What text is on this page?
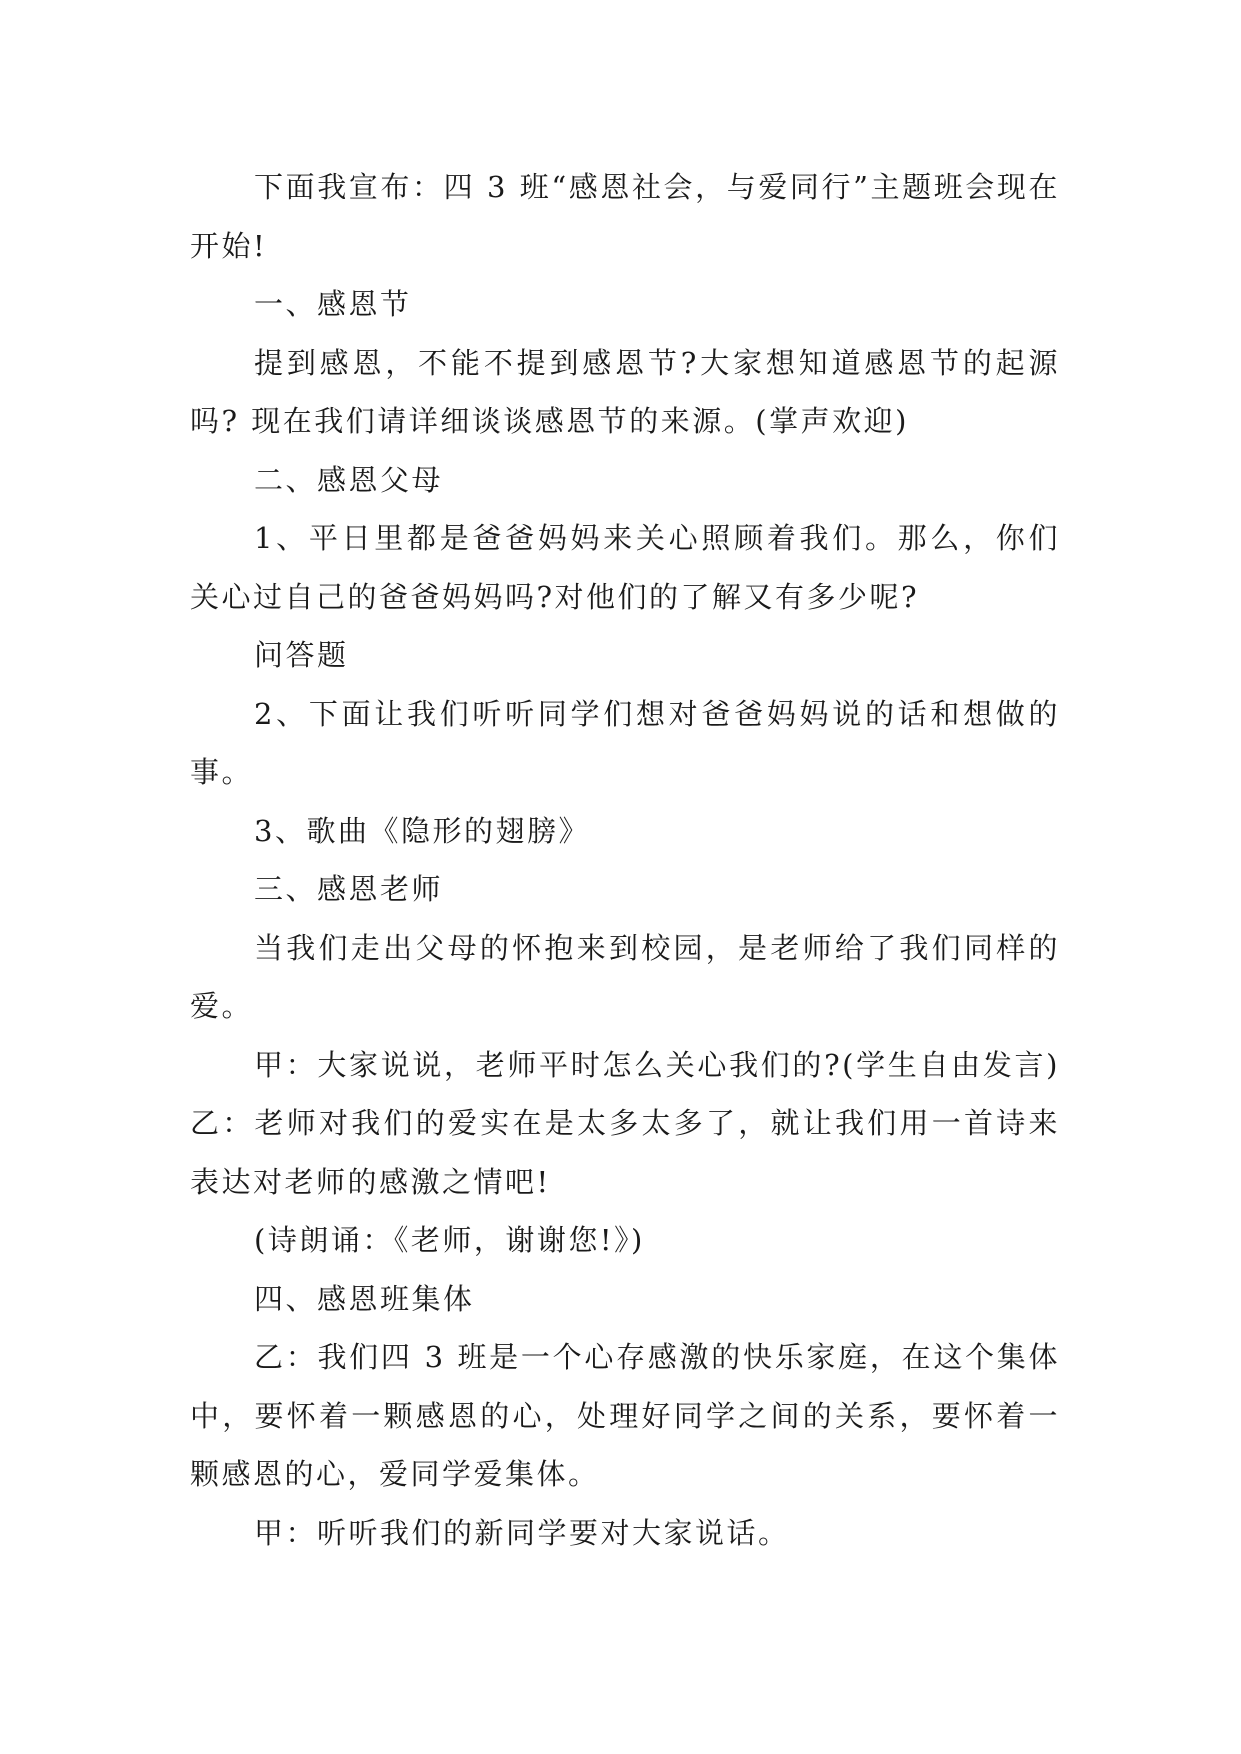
下面我宣布：四 3 班“感恩社会，与爱同行”主题班会现在开始!

一、感恩节

提到感恩，不能不提到感恩节?大家想知道感恩节的起源吗? 现在我们请详细谈谈感恩节的来源。(掌声欢迎)

二、感恩父母

1、平日里都是爸爸妈妈来关心照顾着我们。那么，你们关心过自己的爸爸妈妈吗?对他们的了解又有多少呢?

问答题

2、下面让我们听听同学们想对爸爸妈妈说的话和想做的事。

3、歌曲《隐形的翅膀》

三、感恩老师

当我们走出父母的怀抱来到校园，是老师给了我们同样的爱。

甲：大家说说，老师平时怎么关心我们的?(学生自由发言) 乙：老师对我们的爱实在是太多太多了，就让我们用一首诗来表达对老师的感激之情吧!

(诗朗诵：《老师，谢谢您!》)

四、感恩班集体

乙：我们四 3 班是一个心存感激的快乐家庭，在这个集体中，要怀着一颗感恩的心，处理好同学之间的关系，要怀着一颗感恩的心，爱同学爱集体。

甲：听听我们的新同学要对大家说话。
